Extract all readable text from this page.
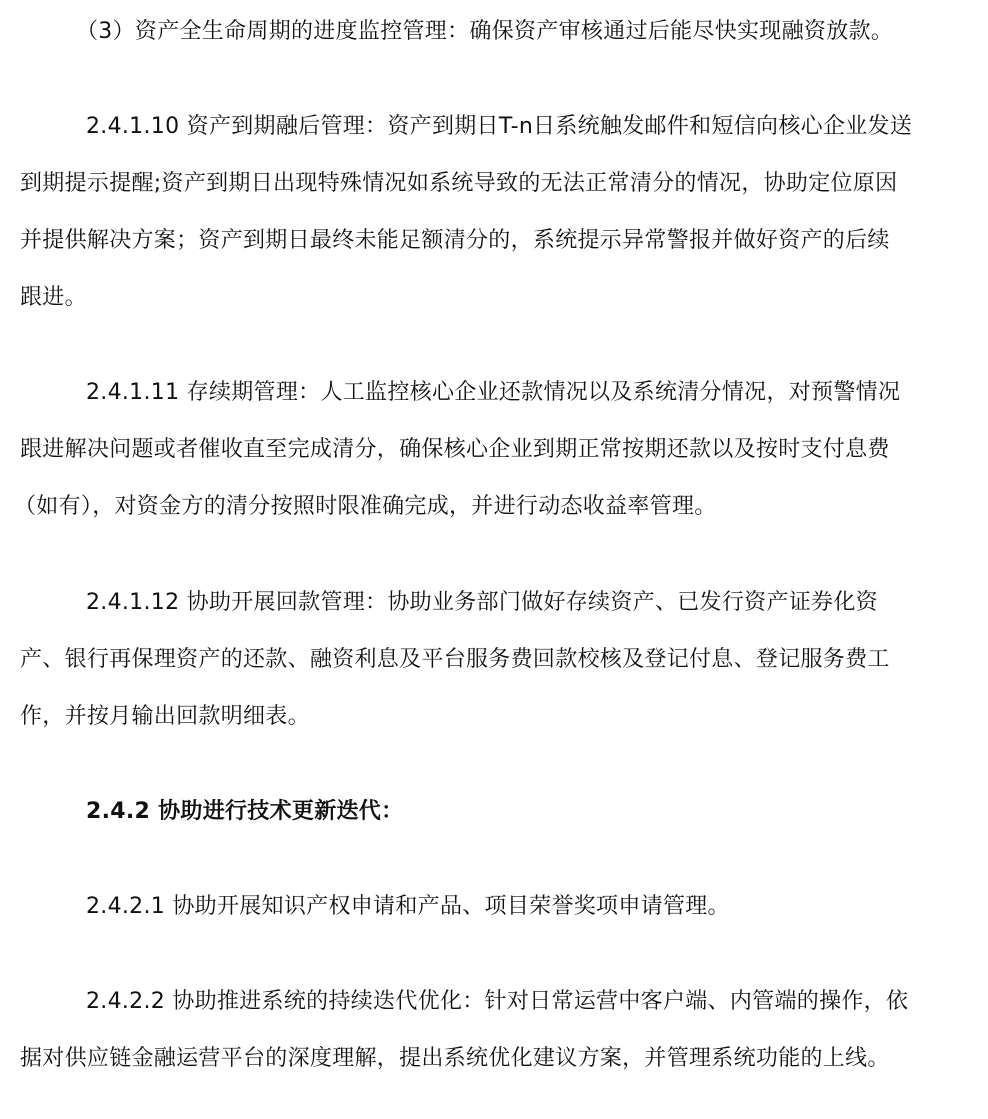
（3）资产全生命周期的进度监控管理：确保资产审核通过后能尽快实现融资放款。
2.4.1.10 资产到期融后管理：资产到期日T-n日系统触发邮件和短信向核心企业发送
到期提示提醒;资产到期日出现特殊情况如系统导致的无法正常清分的情况，协助定位原因
并提供解决方案；资产到期日最终未能足额清分的，系统提示异常警报并做好资产的后续
跟进。
2.4.1.11 存续期管理：人工监控核心企业还款情况以及系统清分情况，对预警情况
跟进解决问题或者催收直至完成清分，确保核心企业到期正常按期还款以及按时支付息费
（如有），对资金方的清分按照时限准确完成，并进行动态收益率管理。
2.4.1.12 协助开展回款管理：协助业务部门做好存续资产、已发行资产证券化资
产、银行再保理资产的还款、融资利息及平台服务费回款校核及登记付息、登记服务费工
作，并按月输出回款明细表。
2.4.2 协助进行技术更新迭代：
2.4.2.1 协助开展知识产权申请和产品、项目荣誉奖项申请管理。
2.4.2.2 协助推进系统的持续迭代优化：针对日常运营中客户端、内管端的操作，依
据对供应链金融运营平台的深度理解，提出系统优化建议方案，并管理系统功能的上线。
